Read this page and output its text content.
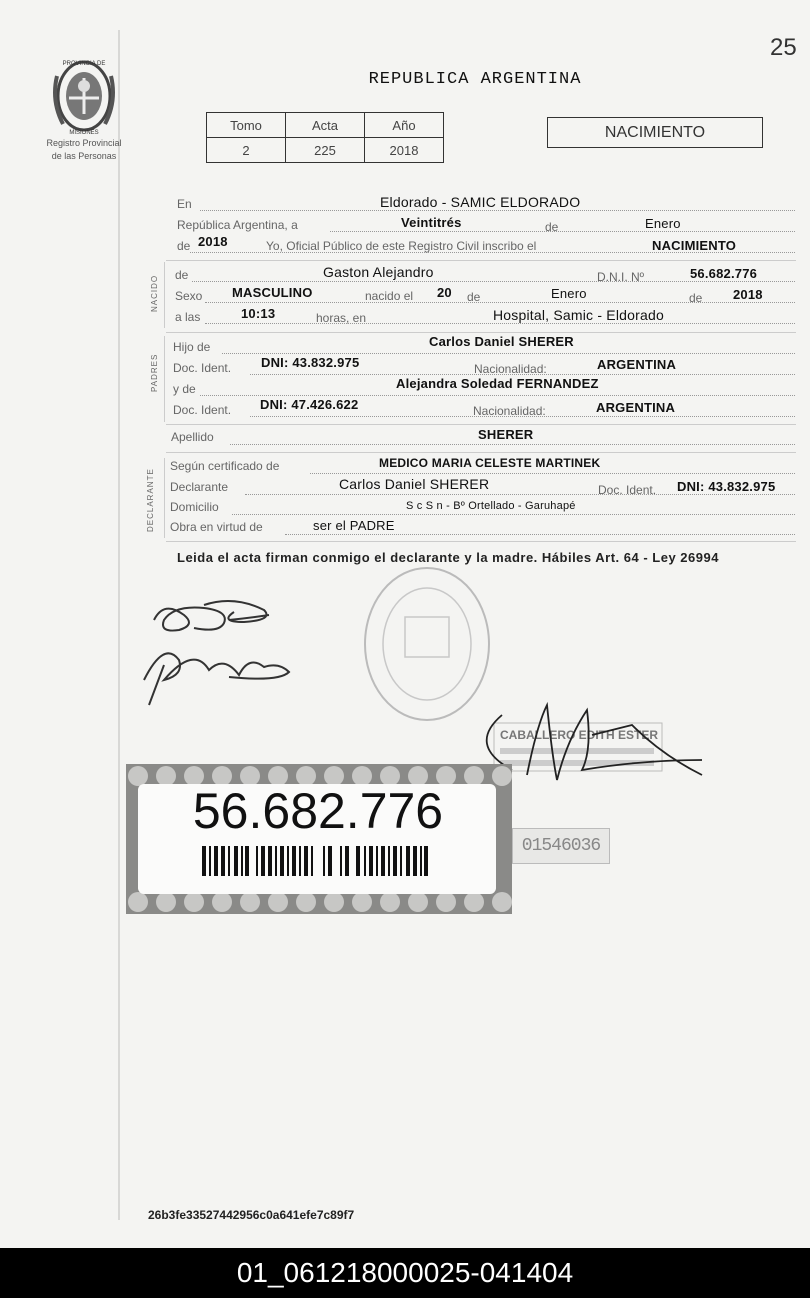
25
PROVINCIA DE
MISIONES
Registro Provincial
de las Personas
REPUBLICA ARGENTINA
Tomo	Acta	Año
2	225	2018
NACIMIENTO
En	Eldorado - SAMIC ELDORADO
República Argentina, a	Veintitrés	de	Enero
de 2018	Yo, Oficial Público de este Registro Civil inscribo el	NACIMIENTO
NACIDO de	Gaston Alejandro	D.N.I. Nº	56.682.776
Sexo MASCULINO	nacido el 20 de	Enero	de 2018
a las	10:13	horas, en	Hospital, Samic - Eldorado
PADRES
Hijo de	Carlos Daniel SHERER
Doc. Ident. DNI: 43.832.975	Nacionalidad:	ARGENTINA
y de	Alejandra Soledad FERNANDEZ
Doc. Ident. DNI: 47.426.622	Nacionalidad:	ARGENTINA
Apellido	SHERER
DECLARANTE
Según certificado de	MEDICO MARIA CELESTE MARTINEK
Declarante	Carlos Daniel SHERER	Doc. Ident. DNI: 43.832.975
Domicilio	S c S n - Bº Ortellado - Garuhapé
Obra en virtud de	ser el PADRE
Leida el acta firman conmigo el declarante y la madre. Hábiles Art. 64 - Ley 26994
CABALLERO EDITH ESTER
56.682.776
01546036
26b3fe33527442956c0a641efe7c89f7
01_061218000025-041404
